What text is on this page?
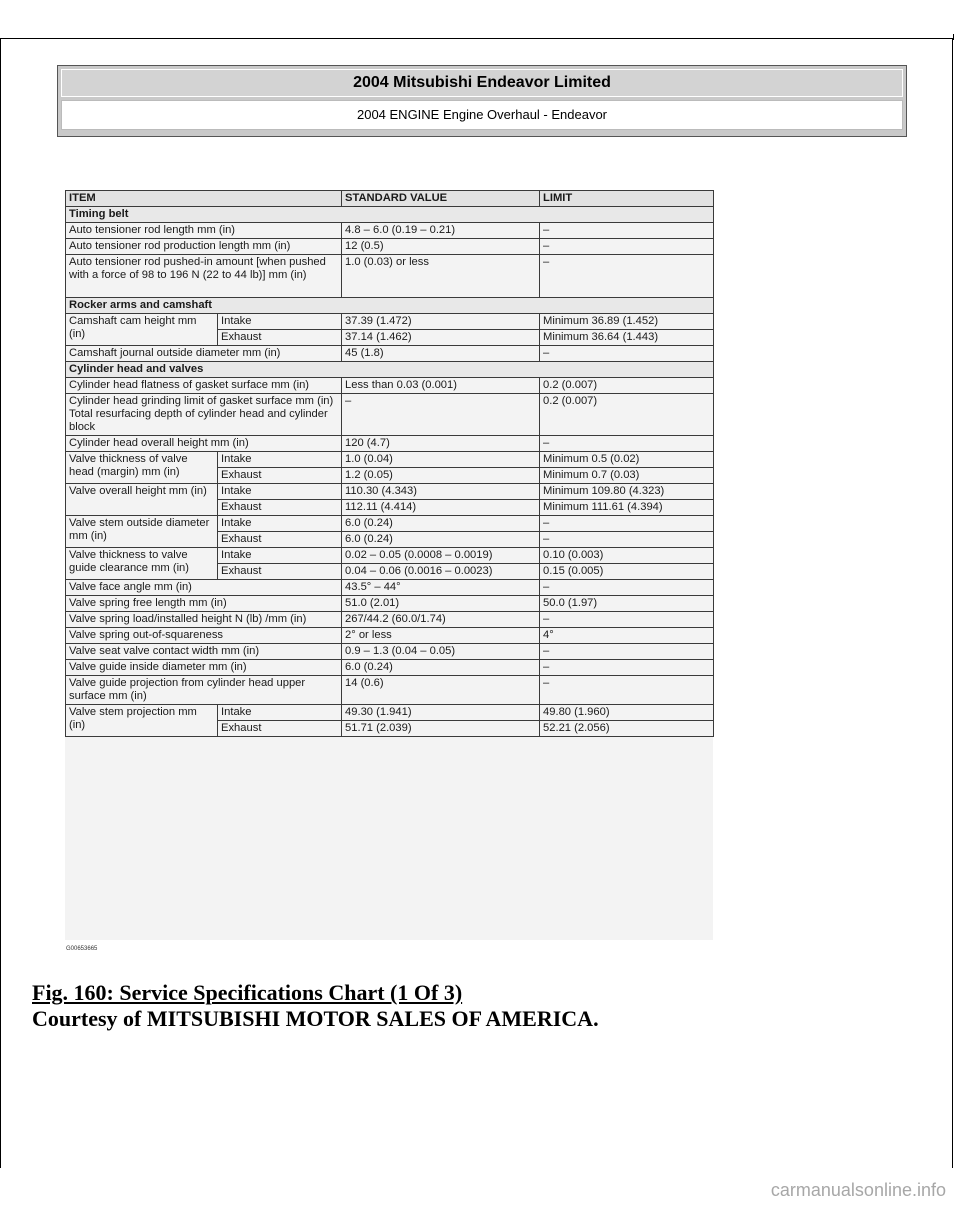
2004 Mitsubishi Endeavor Limited
2004 ENGINE Engine Overhaul - Endeavor
ITEM		STANDARD VALUE	LIMIT
Timing belt			
Auto tensioner rod length mm (in)		4.8 – 6.0 (0.19 – 0.21)	–
Auto tensioner rod production length mm (in)		12 (0.5)	–
Auto tensioner rod pushed-in amount [when pushed with a force of 98 to 196 N (22 to 44 lb)] mm (in)		1.0 (0.03) or less	–
Rocker arms and camshaft			
Camshaft cam height mm (in)	Intake	37.39 (1.472)	Minimum 36.89 (1.452)
	Exhaust	37.14 (1.462)	Minimum 36.64 (1.443)
Camshaft journal outside diameter mm (in)		45 (1.8)	–
Cylinder head and valves			
Cylinder head flatness of gasket surface mm (in)		Less than 0.03 (0.001)	0.2 (0.007)
Cylinder head grinding limit of gasket surface mm (in) Total resurfacing depth of cylinder head and cylinder block		–	0.2 (0.007)
Cylinder head overall height mm (in)		120 (4.7)	–
Valve thickness of valve head (margin) mm (in)	Intake	1.0 (0.04)	Minimum 0.5 (0.02)
	Exhaust	1.2 (0.05)	Minimum 0.7 (0.03)
Valve overall height mm (in)	Intake	110.30 (4.343)	Minimum 109.80 (4.323)
	Exhaust	112.11 (4.414)	Minimum 111.61 (4.394)
Valve stem outside diameter mm (in)	Intake	6.0 (0.24)	–
	Exhaust	6.0 (0.24)	–
Valve thickness to valve guide clearance mm (in)	Intake	0.02 – 0.05 (0.0008 – 0.0019)	0.10 (0.003)
	Exhaust	0.04 – 0.06 (0.0016 – 0.0023)	0.15 (0.005)
Valve face angle mm (in)		43.5° – 44°	–
Valve spring free length mm (in)		51.0 (2.01)	50.0 (1.97)
Valve spring load/installed height N (lb) /mm (in)		267/44.2 (60.0/1.74)	–
Valve spring out-of-squareness		2° or less	4°
Valve seat valve contact width mm (in)		0.9 – 1.3 (0.04 – 0.05)	–
Valve guide inside diameter mm (in)		6.0 (0.24)	–
Valve guide projection from cylinder head upper surface mm (in)		14 (0.6)	–
Valve stem projection mm (in)	Intake	49.30 (1.941)	49.80 (1.960)
	Exhaust	51.71 (2.039)	52.21 (2.056)
G00653665
Fig. 160: Service Specifications Chart (1 Of 3)
Courtesy of MITSUBISHI MOTOR SALES OF AMERICA.
carmanualsonline.info
